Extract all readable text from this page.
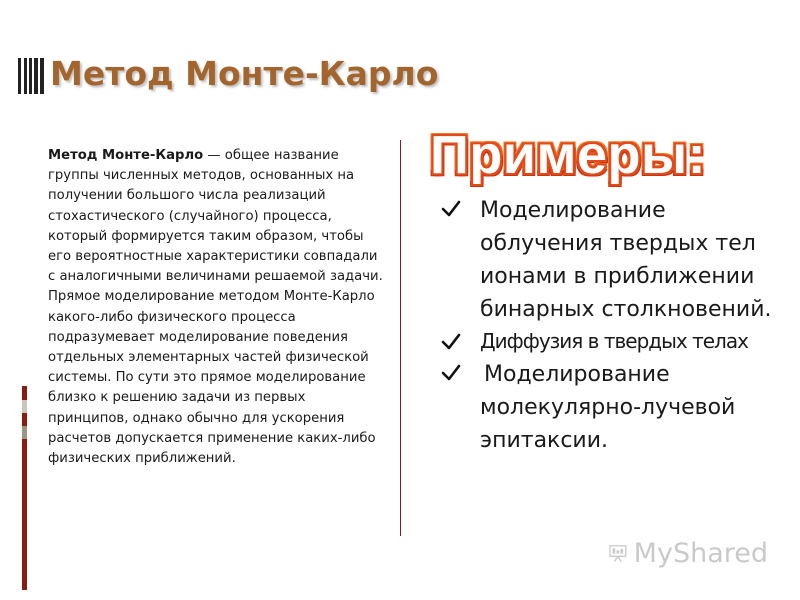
Метод Монте-Карло

Метод Монте-Карло — общее название группы численных методов, основанных на получении большого числа реализаций стохастического (случайного) процесса, который формируется таким образом, чтобы его вероятностные характеристики совпадали с аналогичными величинами решаемой задачи. Прямое моделирование методом Монте-Карло какого-либо физического процесса подразумевает моделирование поведения отдельных элементарных частей физической системы. По сути это прямое моделирование близко к решению задачи из первых принципов, однако обычно для ускорения расчетов допускается применение каких-либо физических приближений.

Примеры:
Моделирование облучения твердых тел ионами в приближении бинарных столкновений.
Диффузия в твердых телах
Моделирование молекулярно-лучевой эпитаксии.
MyShared
